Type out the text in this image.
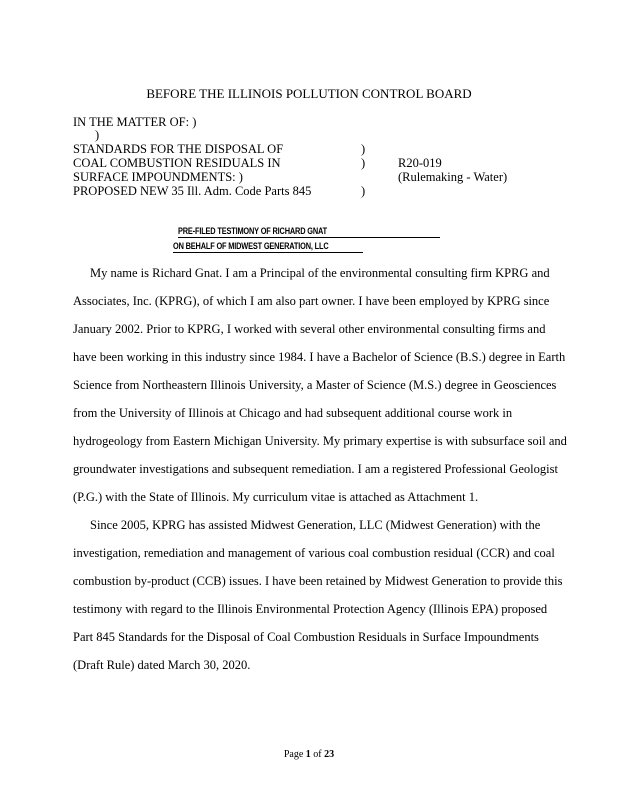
BEFORE THE ILLINOIS POLLUTION CONTROL BOARD
IN THE MATTER OF: )
)
STANDARDS FOR THE DISPOSAL OF
COAL COMBUSTION RESIDUALS IN
SURFACE IMPOUNDMENTS: )
PROPOSED NEW 35 Ill. Adm. Code Parts 845
)
)
)
R20-019
(Rulemaking - Water)
PRE-FILED TESTIMONY OF RICHARD GNAT
ON BEHALF OF MIDWEST GENERATION, LLC
My name is Richard Gnat. I am a Principal of the environmental consulting firm KPRG and
Associates, Inc. (KPRG), of which I am also part owner. I have been employed by KPRG since
January 2002. Prior to KPRG, I worked with several other environmental consulting firms and
have been working in this industry since 1984. I have a Bachelor of Science (B.S.) degree in Earth
Science from Northeastern Illinois University, a Master of Science (M.S.) degree in Geosciences
from the University of Illinois at Chicago and had subsequent additional course work in
hydrogeology from Eastern Michigan University. My primary expertise is with subsurface soil and
groundwater investigations and subsequent remediation. I am a registered Professional Geologist
(P.G.) with the State of Illinois. My curriculum vitae is attached as Attachment 1.
Since 2005, KPRG has assisted Midwest Generation, LLC (Midwest Generation) with the
investigation, remediation and management of various coal combustion residual (CCR) and coal
combustion by-product (CCB) issues. I have been retained by Midwest Generation to provide this
testimony with regard to the Illinois Environmental Protection Agency (Illinois EPA) proposed
Part 845 Standards for the Disposal of Coal Combustion Residuals in Surface Impoundments
(Draft Rule) dated March 30, 2020.
Page 1 of 23
